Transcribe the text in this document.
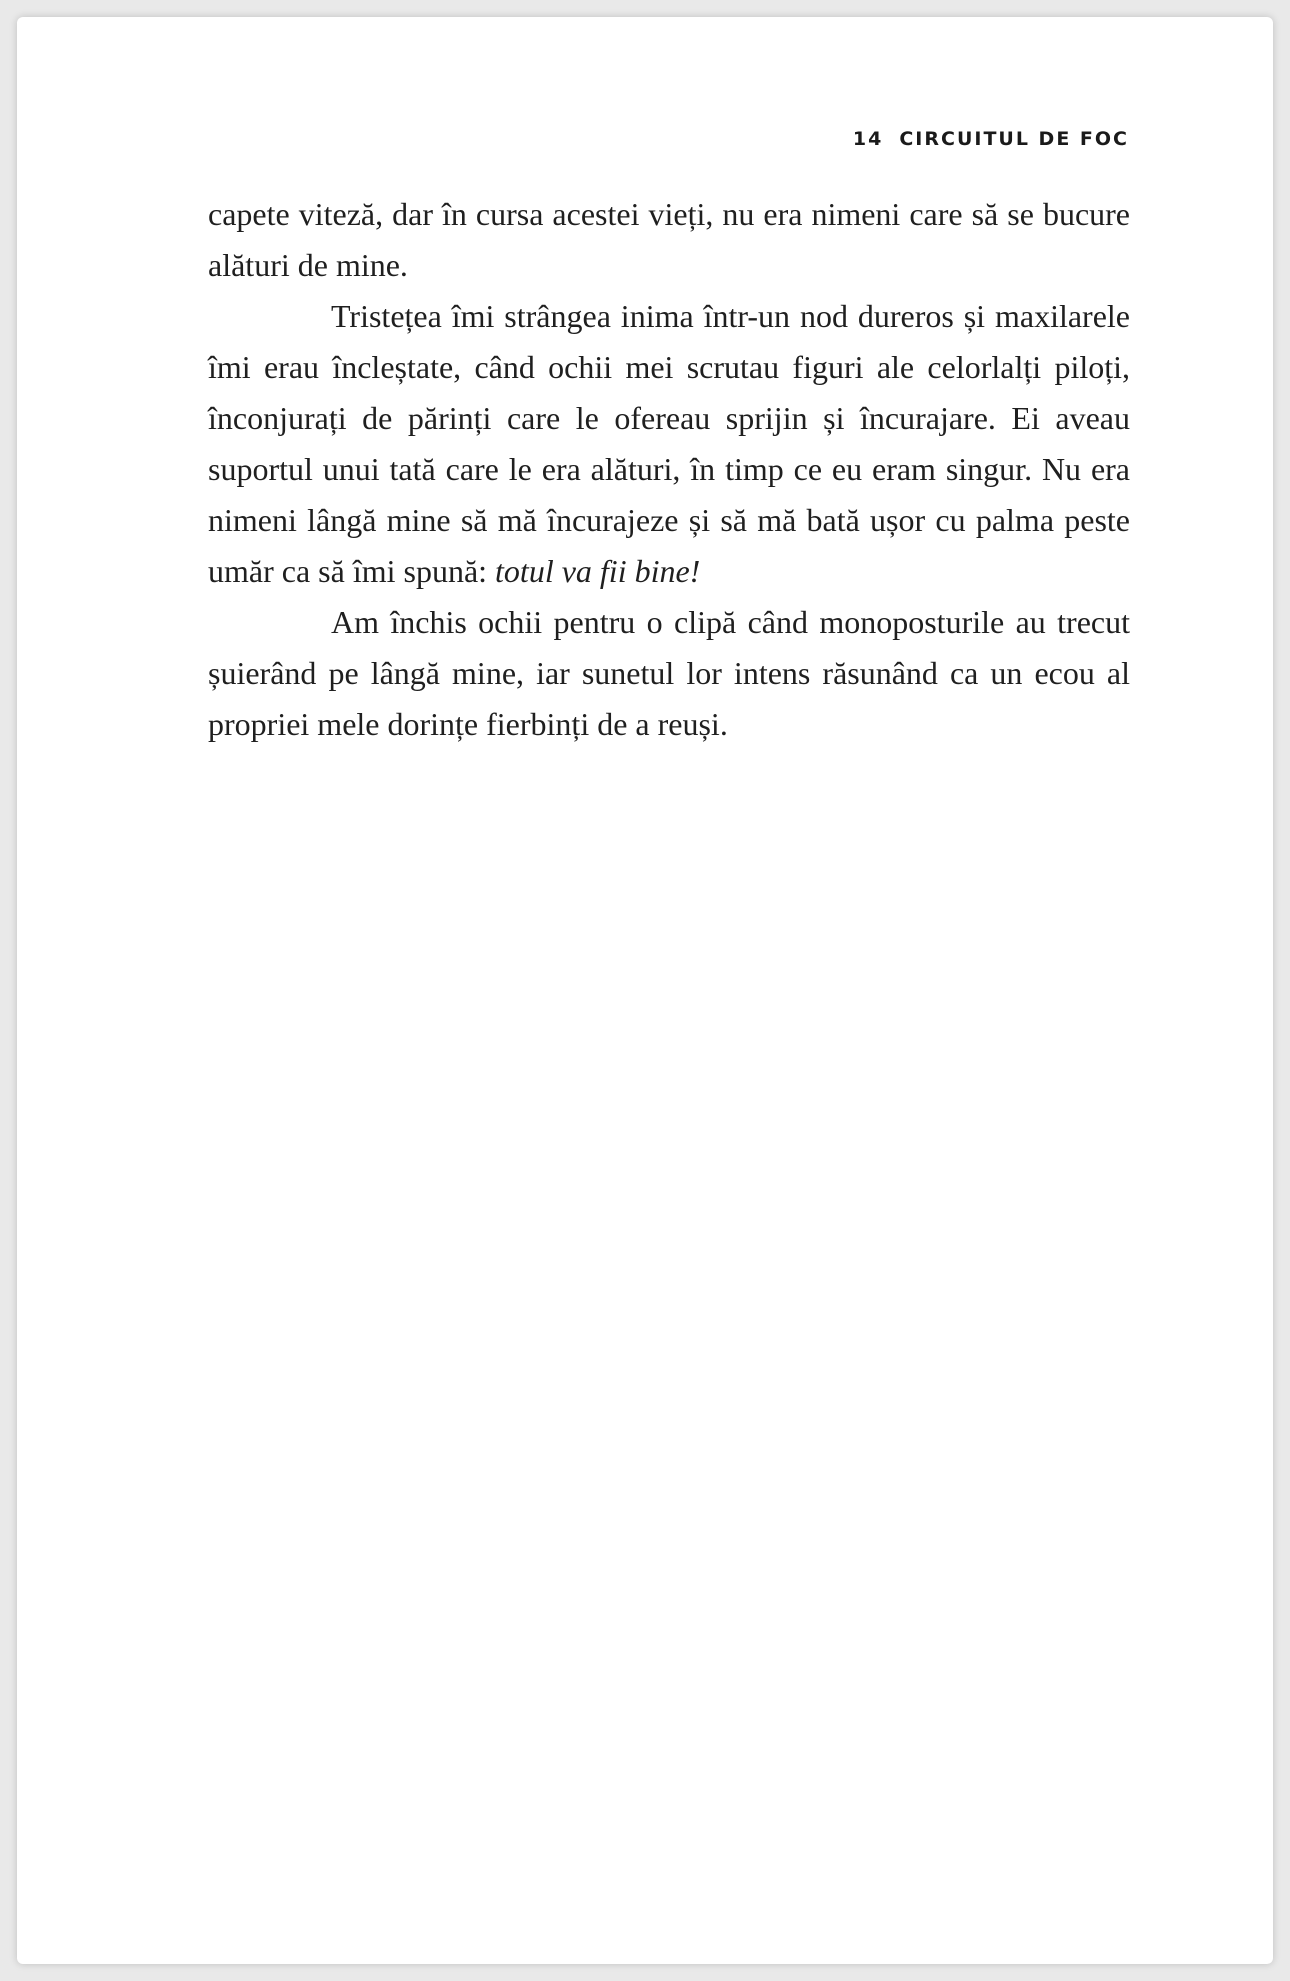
14 CIRCUITUL DE FOC

capete viteză, dar în cursa acestei vieți, nu era nimeni care să se bucure alături de mine.

Tristețea îmi strângea inima într-un nod dureros și maxilarele îmi erau încleștate, când ochii mei scrutau figuri ale celorlalți piloți, înconjurați de părinți care le ofereau sprijin și încurajare. Ei aveau suportul unui tată care le era alături, în timp ce eu eram singur. Nu era nimeni lângă mine să mă încurajeze și să mă bată ușor cu palma peste umăr ca să îmi spună: totul va fii bine!

Am închis ochii pentru o clipă când monoposturile au trecut șuierând pe lângă mine, iar sunetul lor intens răsunând ca un ecou al propriei mele dorințe fierbinți de a reuși.
